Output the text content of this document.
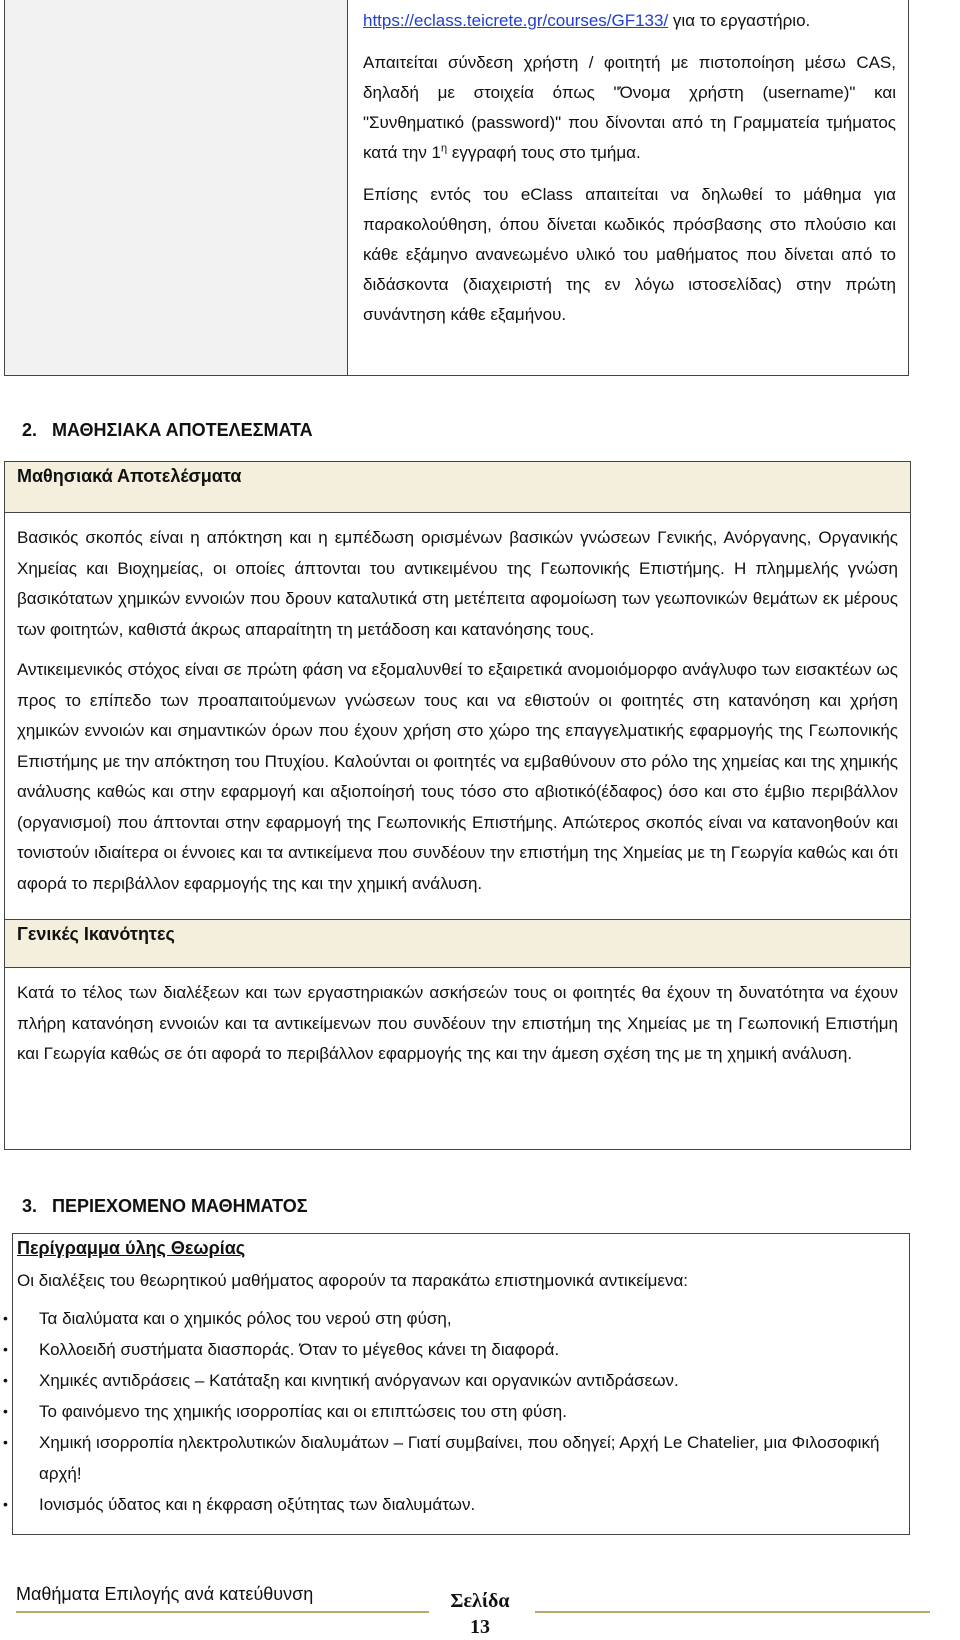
https://eclass.teicrete.gr/courses/GF133/ για το εργαστήριο.

Απαιτείται σύνδεση χρήστη / φοιτητή με πιστοποίηση μέσω CAS, δηλαδή με στοιχεία όπως "Όνομα χρήστη (username)" και "Συνθηματικό (password)" που δίνονται από τη Γραμματεία τμήματος κατά την $1^\eta$ εγγραφή τους στο τμήμα.

Επίσης εντός του eClass απαιτείται να δηλωθεί το μάθημα για παρακολούθηση, όπου δίνεται κωδικός πρόσβασης στο πλούσιο και κάθε εξάμηνο ανανεωμένο υλικό του μαθήματος που δίνεται από το διδάσκοντα (διαχειριστή της εν λόγω ιστοσελίδας) στην πρώτη συνάντηση κάθε εξαμήνου.

2. ΜΑΘΗΣΙΑΚΑ ΑΠΟΤΕΛΕΣΜΑΤΑ
Μαθησιακά Αποτελέσματα

Βασικός σκοπός είναι η απόκτηση και η εμπέδωση ορισμένων βασικών γνώσεων Γενικής, Ανόργανης, Οργανικής Χημείας και Βιοχημείας, οι οποίες άπτονται του αντικειμένου της Γεωπονικής Επιστήμης. Η πλημμελής γνώση βασικότατων χημικών εννοιών που δρουν καταλυτικά στη μετέπειτα αφομοίωση των γεωπονικών θεμάτων εκ μέρους των φοιτητών, καθιστά άκρως απαραίτητη τη μετάδοση και κατανόησης τους.

Αντικειμενικός στόχος είναι σε πρώτη φάση να εξομαλυνθεί το εξαιρετικά ανομοιόμορφο ανάγλυφο των εισακτέων ως προς το επίπεδο των προαπαιτούμενων γνώσεων τους και να εθιστούν οι φοιτητές στη κατανόηση και χρήση χημικών εννοιών και σημαντικών όρων που έχουν χρήση στο χώρο της επαγγελματικής εφαρμογής της Γεωπονικής Επιστήμης με την απόκτηση του Πτυχίου. Καλούνται οι φοιτητές να εμβαθύνουν στο ρόλο της χημείας και της χημικής ανάλυσης καθώς και στην εφαρμογή και αξιοποίησή τους τόσο στο αβιοτικό(έδαφος) όσο και στο έμβιο περιβάλλον (οργανισμοί) που άπτονται στην εφαρμογή της Γεωπονικής Επιστήμης. Απώτερος σκοπός είναι να κατανοηθούν και τονιστούν ιδιαίτερα οι έννοιες και τα αντικείμενα που συνδέουν την επιστήμη της Χημείας με τη Γεωργία καθώς και ότι αφορά το περιβάλλον εφαρμογής της και την χημική ανάλυση.

Γενικές Ικανότητες

Κατά το τέλος των διαλέξεων και των εργαστηριακών ασκήσεών τους οι φοιτητές θα έχουν τη δυνατότητα να έχουν πλήρη κατανόηση εννοιών και τα αντικείμενων που συνδέουν την επιστήμη της Χημείας με τη Γεωπονική Επιστήμη και Γεωργία καθώς σε ότι αφορά το περιβάλλον εφαρμογής της και την άμεση σχέση της με τη χημική ανάλυση.

3. ΠΕΡΙΕΧΟΜΕΝΟ ΜΑΘΗΜΑΤΟΣ
Περίγραμμα ύλης Θεωρίας
Οι διαλέξεις του θεωρητικού μαθήματος αφορούν τα παρακάτω επιστημονικά αντικείμενα:
• Τα διαλύματα και ο χημικός ρόλος του νερού στη φύση,
• Κολλοειδή συστήματα διασποράς. Όταν το μέγεθος κάνει τη διαφορά.
• Χημικές αντιδράσεις – Κατάταξη και κινητική ανόργανων και οργανικών αντιδράσεων.
• Το φαινόμενο της χημικής ισορροπίας και οι επιπτώσεις του στη φύση.
• Χημική ισορροπία ηλεκτρολυτικών διαλυμάτων – Γιατί συμβαίνει, που οδηγεί; Αρχή Le Chatelier, μια Φιλοσοφική αρχή!
• Ιονισμός ύδατος και η έκφραση οξύτητας των διαλυμάτων.
Μαθήματα Επιλογής ανά κατεύθυνση	Σελίδα
13
